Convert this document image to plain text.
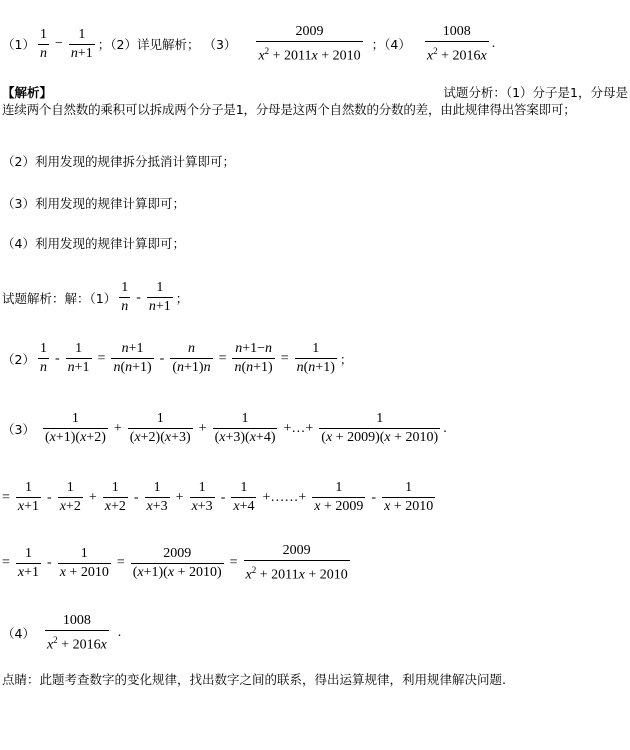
$(1) \frac{1}{n} - \frac{1}{n+1}$ ；（2） 详见解析； $(3) \frac{2009}{x^2 + 2011x + 2010}$ ；$(4) \frac{1008}{x^2 + 2016x}$ .
【解析】	试题分析：（1）分子是1，分母是
连续两个自然数的乘积可以拆成两个分子是1，分母是这两个自然数的分数的差，由此规律得出答案即可；
（2）利用发现的规律拆分抵消计算即可；
（3）利用发现的规律计算即可；
（4）利用发现的规律计算即可；
试题解析：解：$(1) \frac{1}{n} - \frac{1}{n+1}$ ；
$(2) \frac{1}{n} - \frac{1}{n+1} = \frac{n+1}{n(n+1)} - \frac{n}{(n+1)n} = \frac{n+1-n}{n(n+1)} = \frac{1}{n(n+1)}$ ；
$(3) \frac{1}{(x+1)(x+2)} + \frac{1}{(x+2)(x+3)} + \frac{1}{(x+3)(x+4)}$ +…+ $\frac{1}{(x + 2009)(x + 2010)}$ .
= $\frac{1}{x+1} - \frac{1}{x+2} + \frac{1}{x+2} - \frac{1}{x+3} + \frac{1}{x+3} - \frac{1}{x+4}$ +……+ $\frac{1}{x + 2009} - \frac{1}{x + 2010}$
= $\frac{1}{x+1} - \frac{1}{x + 2010} = \frac{2009}{(x+1)(x + 2010)} = \frac{2009}{x^2 + 2011x + 2010}$
$(4) \frac{1008}{x^2 + 2016x}$ .
点睛：此题考查数字的变化规律，找出数字之间的联系，得出运算规律，利用规律解决问题.
